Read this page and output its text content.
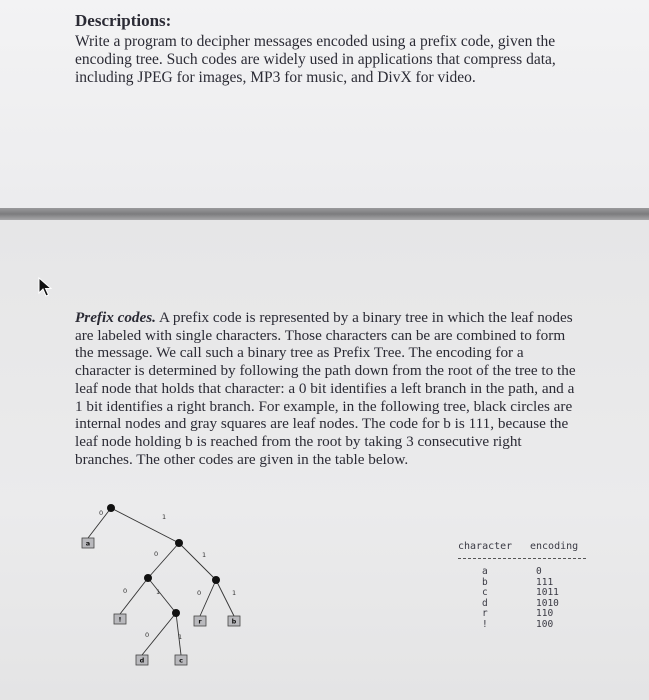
Descriptions:

Write a program to decipher messages encoded using a prefix code, given the encoding tree. Such codes are widely used in applications that compress data, including JPEG for images, MP3 for music, and DivX for video.

Prefix codes. A prefix code is represented by a binary tree in which the leaf nodes are labeled with single characters. Those characters can be are combined to form the message. We call such a binary tree as Prefix Tree. The encoding for a character is determined by following the path down from the root of the tree to the leaf node that holds that character: a 0 bit identifies a left branch in the path, and a 1 bit identifies a right branch. For example, in the following tree, black circles are internal nodes and gray squares are leaf nodes. The code for b is 111, because the leaf node holding b is reached from the root by taking 3 consecutive right branches. The other codes are given in the table below.

0	1
0	1
0	1	0	1
0	1
a
!	r	b
d	c
character encoding
a	0
b	111
c	1011
d	1010
r	110
!	100
